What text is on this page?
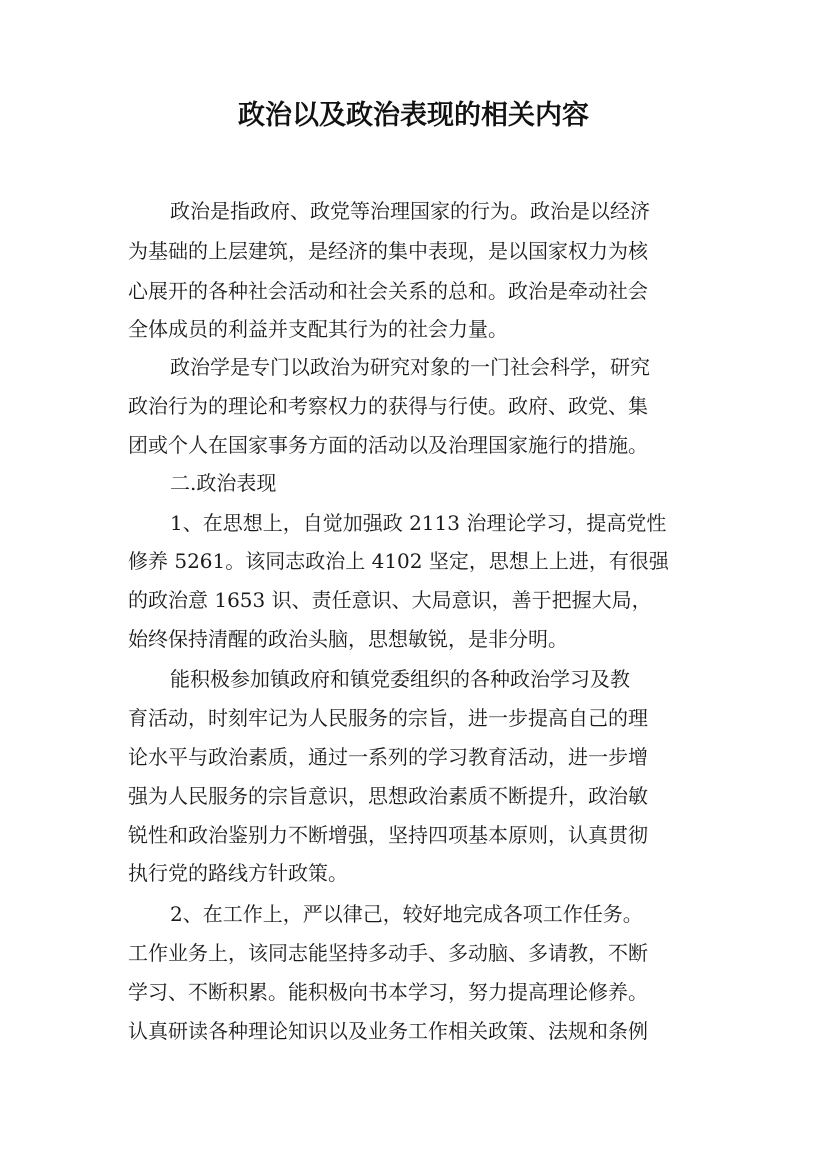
政治以及政治表现的相关内容

政治是指政府、政党等治理国家的行为。政治是以经济

为基础的上层建筑，是经济的集中表现，是以国家权力为核

心展开的各种社会活动和社会关系的总和。政治是牵动社会

全体成员的利益并支配其行为的社会力量。

政治学是专门以政治为研究对象的一门社会科学，研究

政治行为的理论和考察权力的获得与行使。政府、政党、集

团或个人在国家事务方面的活动以及治理国家施行的措施。

二.政治表现

1、在思想上，自觉加强政 2113 治理论学习，提高党性

修养 5261。该同志政治上 4102 坚定，思想上上进，有很强

的政治意 1653 识、责任意识、大局意识，善于把握大局，

始终保持清醒的政治头脑，思想敏锐，是非分明。

能积极参加镇政府和镇党委组织的各种政治学习及教

育活动，时刻牢记为人民服务的宗旨，进一步提高自己的理

论水平与政治素质，通过一系列的学习教育活动，进一步增

强为人民服务的宗旨意识，思想政治素质不断提升，政治敏

锐性和政治鉴别力不断增强，坚持四项基本原则，认真贯彻

执行党的路线方针政策。

2、在工作上，严以律己，较好地完成各项工作任务。

工作业务上，该同志能坚持多动手、多动脑、多请教，不断

学习、不断积累。能积极向书本学习，努力提高理论修养。

认真研读各种理论知识以及业务工作相关政策、法规和条例
